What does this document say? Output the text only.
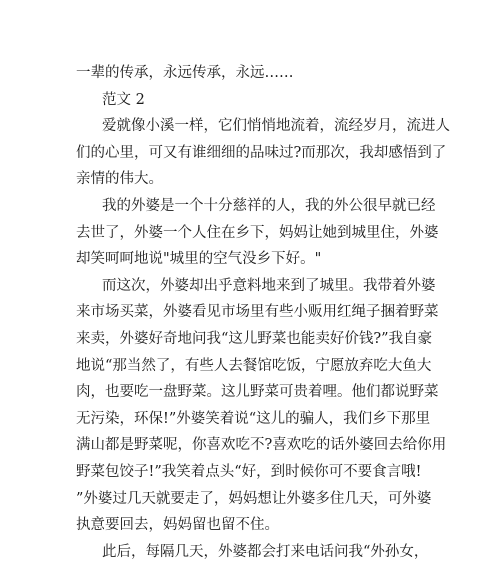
一辈的传承，永远传承，永远……
范文 2
爱就像小溪一样，它们悄悄地流着，流经岁月，流进人
们的心里，可又有谁细细的品味过?而那次，我却感悟到了
亲情的伟大。
我的外婆是一个十分慈祥的人，我的外公很早就已经
去世了，外婆一个人住在乡下，妈妈让她到城里住，外婆
却笑呵呵地说"城里的空气没乡下好。"
而这次，外婆却出乎意料地来到了城里。我带着外婆
来市场买菜，外婆看见市场里有些小贩用红绳子捆着野菜
来卖，外婆好奇地问我“这儿野菜也能卖好价钱?”我自豪
地说“那当然了，有些人去餐馆吃饭，宁愿放弃吃大鱼大
肉，也要吃一盘野菜。这儿野菜可贵着哩。他们都说野菜
无污染，环保!”外婆笑着说“这儿的骗人，我们乡下那里
满山都是野菜呢，你喜欢吃不?喜欢吃的话外婆回去给你用
野菜包饺子!”我笑着点头“好，到时候你可不要食言哦!
”外婆过几天就要走了，妈妈想让外婆多住几天，可外婆
执意要回去，妈妈留也留不住。
此后，每隔几天，外婆都会打来电话问我“外孙女，
